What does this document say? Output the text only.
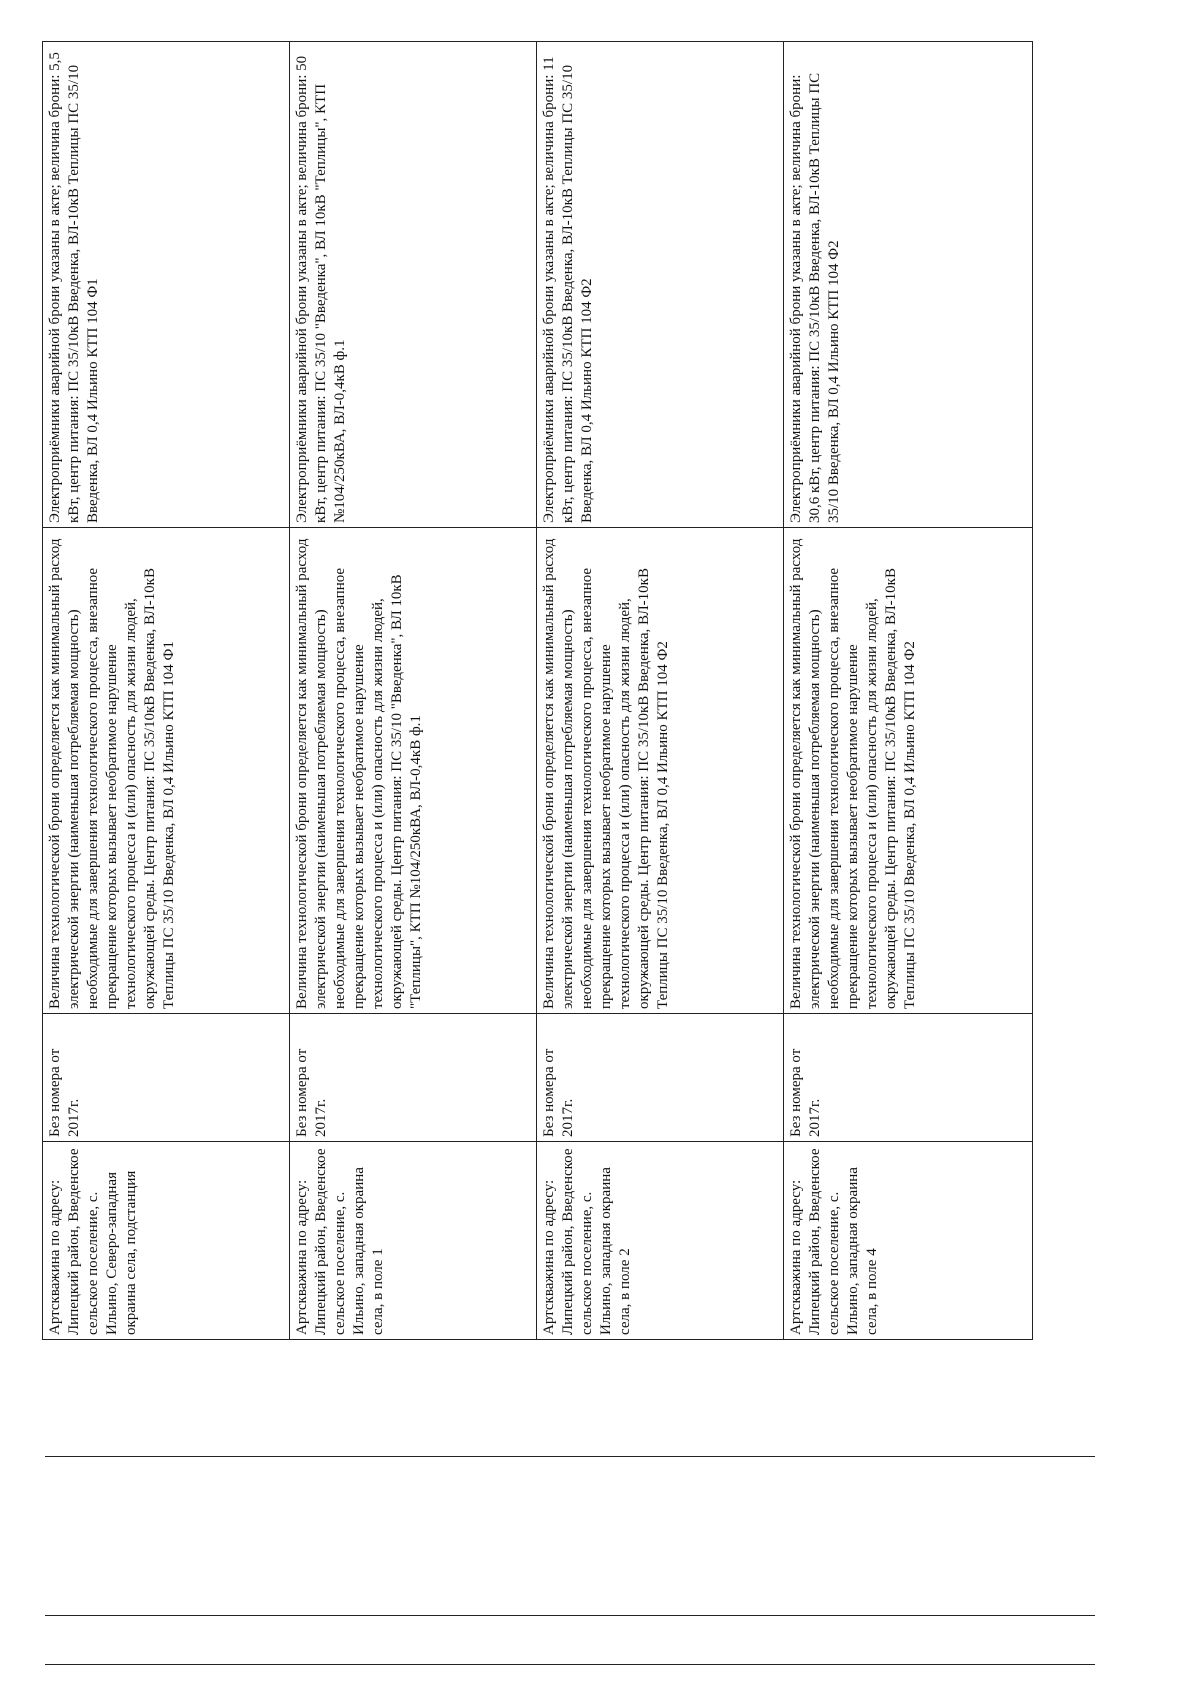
Артскважина по адресу: Липецкий район, Введенское сельское поселение, с. Ильино, Северо-западная окраина села, подстанция	Без номера от 2017г.	Величина технологической брони определяется как минимальный расход электрической энергии (наименьшая потребляемая мощность) необходимые для завершения технологического процесса, внезапное прекращение которых вызывает необратимое нарушение технологического процесса и (или) опасность для жизни людей, окружающей среды. Центр питания: ПС 35/10кВ Введенка, ВЛ-10кВ Теплицы ПС 35/10 Введенка, ВЛ 0,4 Ильино КТП 104 Ф1	Электроприёмники аварийной брони указаны в акте; величина брони: 5,5 кВт, центр питания: ПС 35/10кВ Введенка, ВЛ-10кВ Теплицы ПС 35/10 Введенка, ВЛ 0,4 Ильино КТП 104 Ф1
Артскважина по адресу: Липецкий район, Введенское сельское поселение, с. Ильино, западная окраина села, в поле 1	Без номера от 2017г.	Величина технологической брони определяется как минимальный расход электрической энергии (наименьшая потребляемая мощность) необходимые для завершения технологического процесса, внезапное прекращение которых вызывает необратимое нарушение технологического процесса и (или) опасность для жизни людей, окружающей среды. Центр питания: ПС 35/10 "Введенка", ВЛ 10кВ "Теплицы", КТП №104/250кВА, ВЛ-0,4кВ ф.1	Электроприёмники аварийной брони указаны в акте; величина брони: 50 кВт, центр питания: ПС 35/10 "Введенка", ВЛ 10кВ "Теплицы", КТП №104/250кВА, ВЛ-0,4кВ ф.1
Артскважина по адресу: Липецкий район, Введенское сельское поселение, с. Ильино, западная окраина села, в поле 2	Без номера от 2017г.	Величина технологической брони определяется как минимальный расход электрической энергии (наименьшая потребляемая мощность) необходимые для завершения технологического процесса, внезапное прекращение которых вызывает необратимое нарушение технологического процесса и (или) опасность для жизни людей, окружающей среды. Центр питания: ПС 35/10кВ Введенка, ВЛ-10кВ Теплицы ПС 35/10 Введенка, ВЛ 0,4 Ильино КТП 104 Ф2	Электроприёмники аварийной брони указаны в акте; величина брони: 11 кВт, центр питания: ПС 35/10кВ Введенка, ВЛ-10кВ Теплицы ПС 35/10 Введенка, ВЛ 0,4 Ильино КТП 104 Ф2
Артскважина по адресу: Липецкий район, Введенское сельское поселение, с. Ильино, западная окраина села, в поле 4	Без номера от 2017г.	Величина технологической брони определяется как минимальный расход электрической энергии (наименьшая потребляемая мощность) необходимые для завершения технологического процесса, внезапное прекращение которых вызывает необратимое нарушение технологического процесса и (или) опасность для жизни людей, окружающей среды. Центр питания: ПС 35/10кВ Введенка, ВЛ-10кВ Теплицы ПС 35/10 Введенка, ВЛ 0,4 Ильино КТП 104 Ф2	Электроприёмники аварийной брони указаны в акте; величина брони: 30,6 кВт, центр питания: ПС 35/10кВ Введенка, ВЛ-10кВ Теплицы ПС 35/10 Введенка, ВЛ 0,4 Ильино КТП 104 Ф2
